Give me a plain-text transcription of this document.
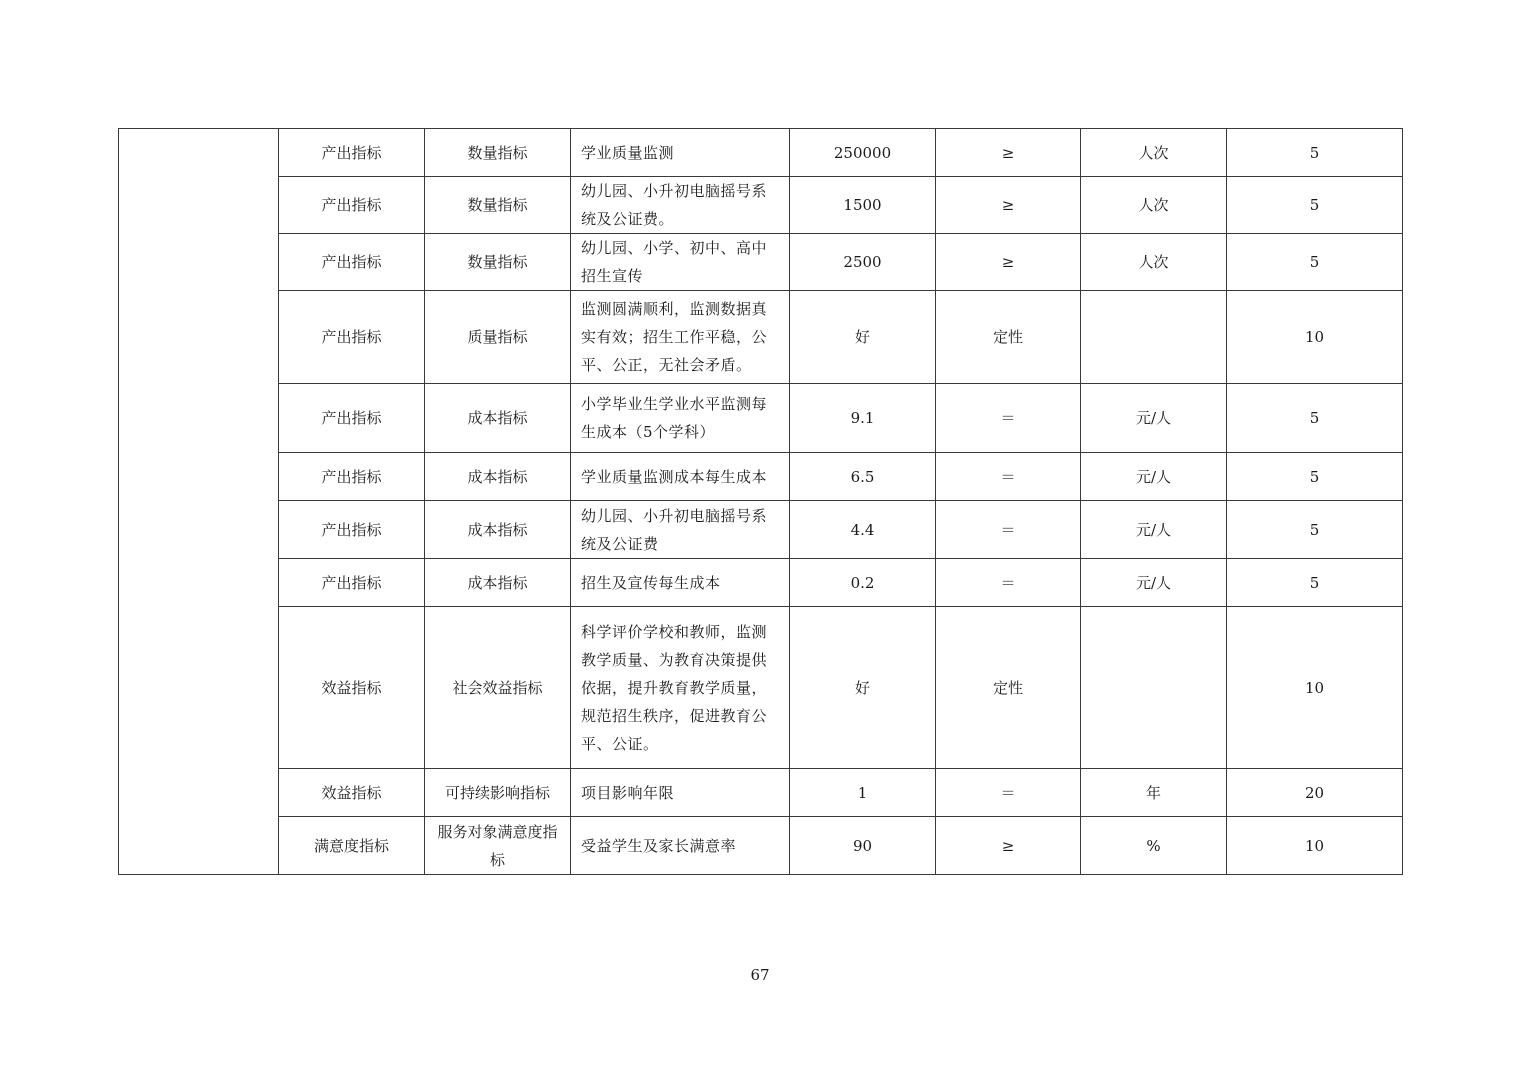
	产出指标	数量指标	学业质量监测	250000	≥	人次	5
	产出指标	数量指标	幼儿园、小升初电脑摇号系统及公证费。	1500	≥	人次	5
	产出指标	数量指标	幼儿园、小学、初中、高中招生宣传	2500	≥	人次	5
	产出指标	质量指标	监测圆满顺利，监测数据真实有效；招生工作平稳，公平、公正，无社会矛盾。	好	定性		10
	产出指标	成本指标	小学毕业生学业水平监测每生成本（5个学科）	9.1	＝	元/人	5
	产出指标	成本指标	学业质量监测成本每生成本	6.5	＝	元/人	5
	产出指标	成本指标	幼儿园、小升初电脑摇号系统及公证费	4.4	＝	元/人	5
	产出指标	成本指标	招生及宣传每生成本	0.2	＝	元/人	5
	效益指标	社会效益指标	科学评价学校和教师，监测教学质量、为教育决策提供依据，提升教育教学质量，规范招生秩序，促进教育公平、公证。	好	定性		10
	效益指标	可持续影响指标	项目影响年限	1	＝	年	20
	满意度指标	服务对象满意度指标	受益学生及家长满意率	90	≥	%	10
67
